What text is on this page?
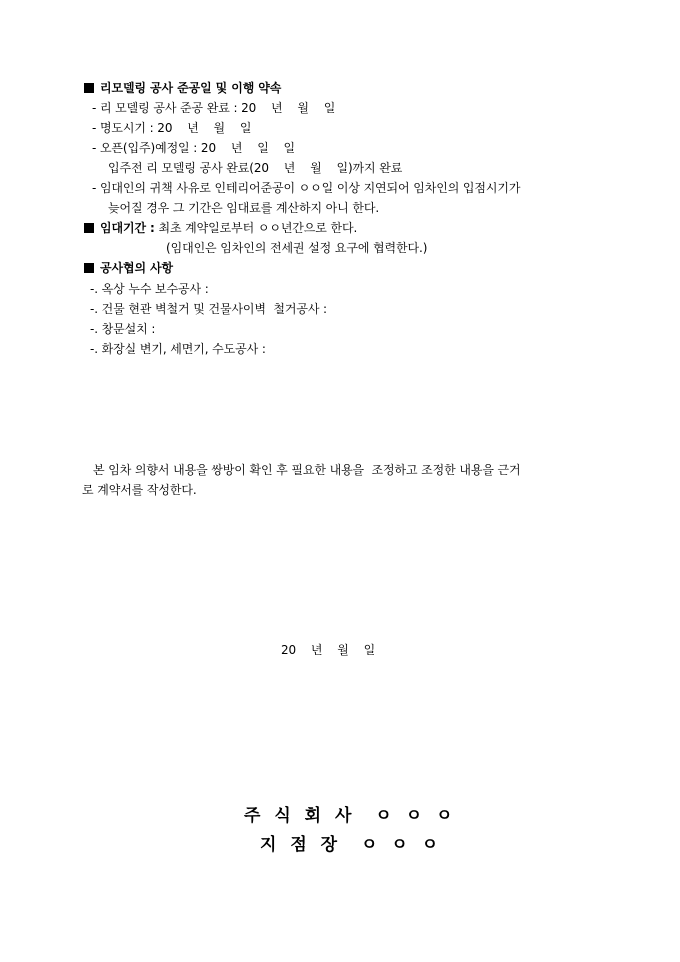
리모델링 공사 준공일 및 이행 약속
- 리 모델링 공사 준공 완료 : 20    년    월    일
- 명도시기 : 20    년    월    일
- 오픈(입주)예정일 : 20    년    일    일
입주전 리 모델링 공사 완료(20    년    월    일)까지 완료
- 임대인의 귀책 사유로 인테리어준공이 ㅇㅇ일 이상 지연되어 임차인의 입점시기가
늦어질 경우 그 기간은 임대료를 계산하지 아니 한다.
임대기간 : 최초 계약일로부터 ㅇㅇ년간으로 한다.
(임대인은 임차인의 전세권 설정 요구에 협력한다.)
공사협의 사항
-. 옥상 누수 보수공사 :
-. 건물 현관 벽철거 및 건물사이벽  철거공사 :
-. 창문설치 :
-. 화장실 변기, 세면기, 수도공사 :
본 임차 의향서 내용을 쌍방이 확인 후 필요한 내용을  조정하고 조정한 내용을 근거
로 계약서를 작성한다.
20    년    월    일
주 식 회 사  ㅇ ㅇ ㅇ
지 점 장  ㅇ ㅇ ㅇ
